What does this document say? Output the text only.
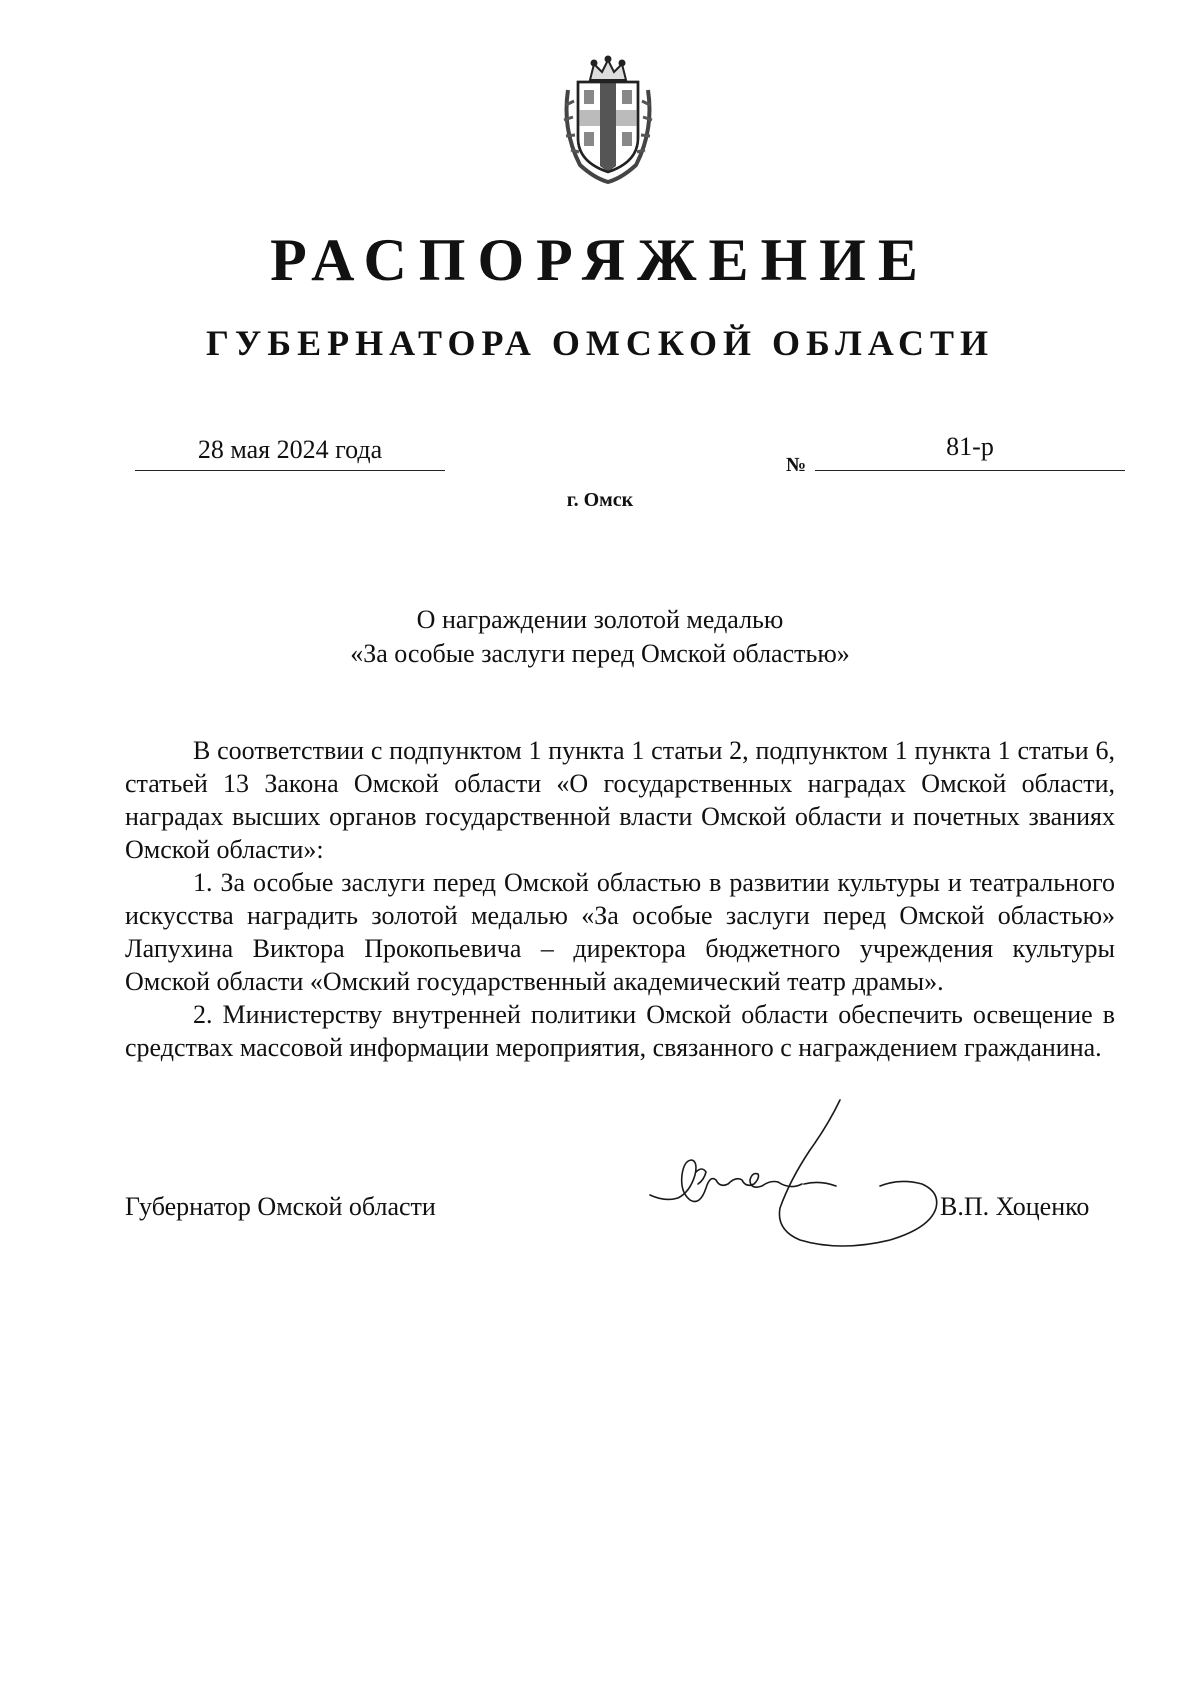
РАСПОРЯЖЕНИЕ
ГУБЕРНАТОРА ОМСКОЙ ОБЛАСТИ
28 мая 2024 года
№
81-р
г. Омск
О награждении золотой медалью
«За особые заслуги перед Омской областью»

В соответствии с подпунктом 1 пункта 1 статьи 2, подпунктом 1 пункта 1 статьи 6, статьей 13 Закона Омской области «О государственных наградах Омской области, наградах высших органов государственной власти Омской области и почетных званиях Омской области»:

1. За особые заслуги перед Омской областью в развитии культуры и театрального искусства наградить золотой медалью «За особые заслуги перед Омской областью» Лапухина Виктора Прокопьевича – директора бюджетного учреждения культуры Омской области «Омский государственный академический театр драмы».

2. Министерству внутренней политики Омской области обеспечить освещение в средствах массовой информации мероприятия, связанного с награждением гражданина.

Губернатор Омской области	В.П. Хоценко
